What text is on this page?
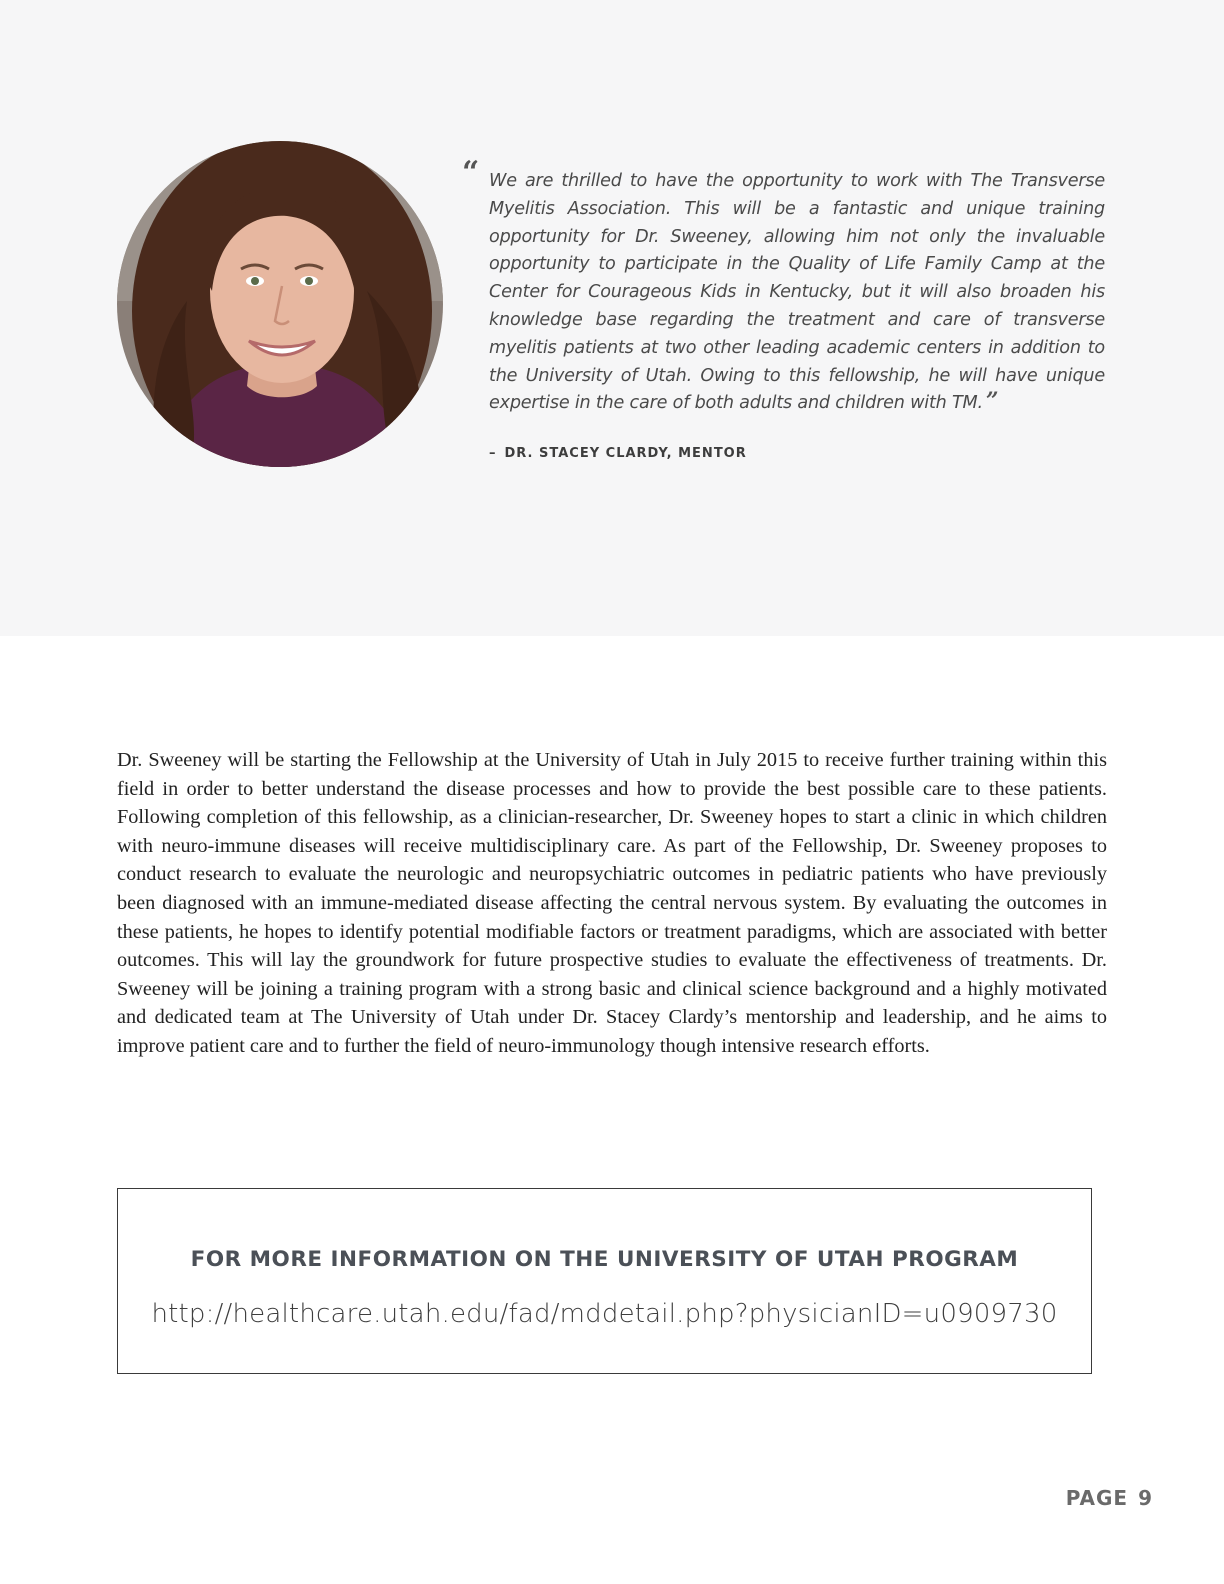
“ We are thrilled to have the opportunity to work with The Transverse Myelitis Association. This will be a fantastic and unique training opportunity for Dr. Sweeney, allowing him not only the invaluable opportunity to participate in the Quality of Life Family Camp at the Center for Courageous Kids in Kentucky, but it will also broaden his knowledge base regarding the treatment and care of transverse myelitis patients at two other leading academic centers in addition to the University of Utah. Owing to this fellowship, he will have unique expertise in the care of both adults and children with TM. ”
– DR. STACEY CLARDY, MENTOR

Dr. Sweeney will be starting the Fellowship at the University of Utah in July 2015 to receive further training within this field in order to better understand the disease processes and how to provide the best possible care to these patients. Following completion of this fellowship, as a clinician-researcher, Dr. Sweeney hopes to start a clinic in which children with neuro-immune diseases will receive multidisciplinary care. As part of the Fellowship, Dr. Sweeney proposes to conduct research to evaluate the neurologic and neuropsychiatric outcomes in pediatric patients who have previously been diagnosed with an immune-mediated disease affecting the central nervous system. By evaluating the outcomes in these patients, he hopes to identify potential modifiable factors or treatment paradigms, which are associated with better outcomes. This will lay the groundwork for future prospective studies to evaluate the effectiveness of treatments. Dr. Sweeney will be joining a training program with a strong basic and clinical science background and a highly motivated and dedicated team at The University of Utah under Dr. Stacey Clardy’s mentorship and leadership, and he aims to improve patient care and to further the field of neuro-immunology though intensive research efforts.

FOR MORE INFORMATION ON THE UNIVERSITY OF UTAH PROGRAM
http://healthcare.utah.edu/fad/mddetail.php?physicianID=u0909730
PAGE 9
